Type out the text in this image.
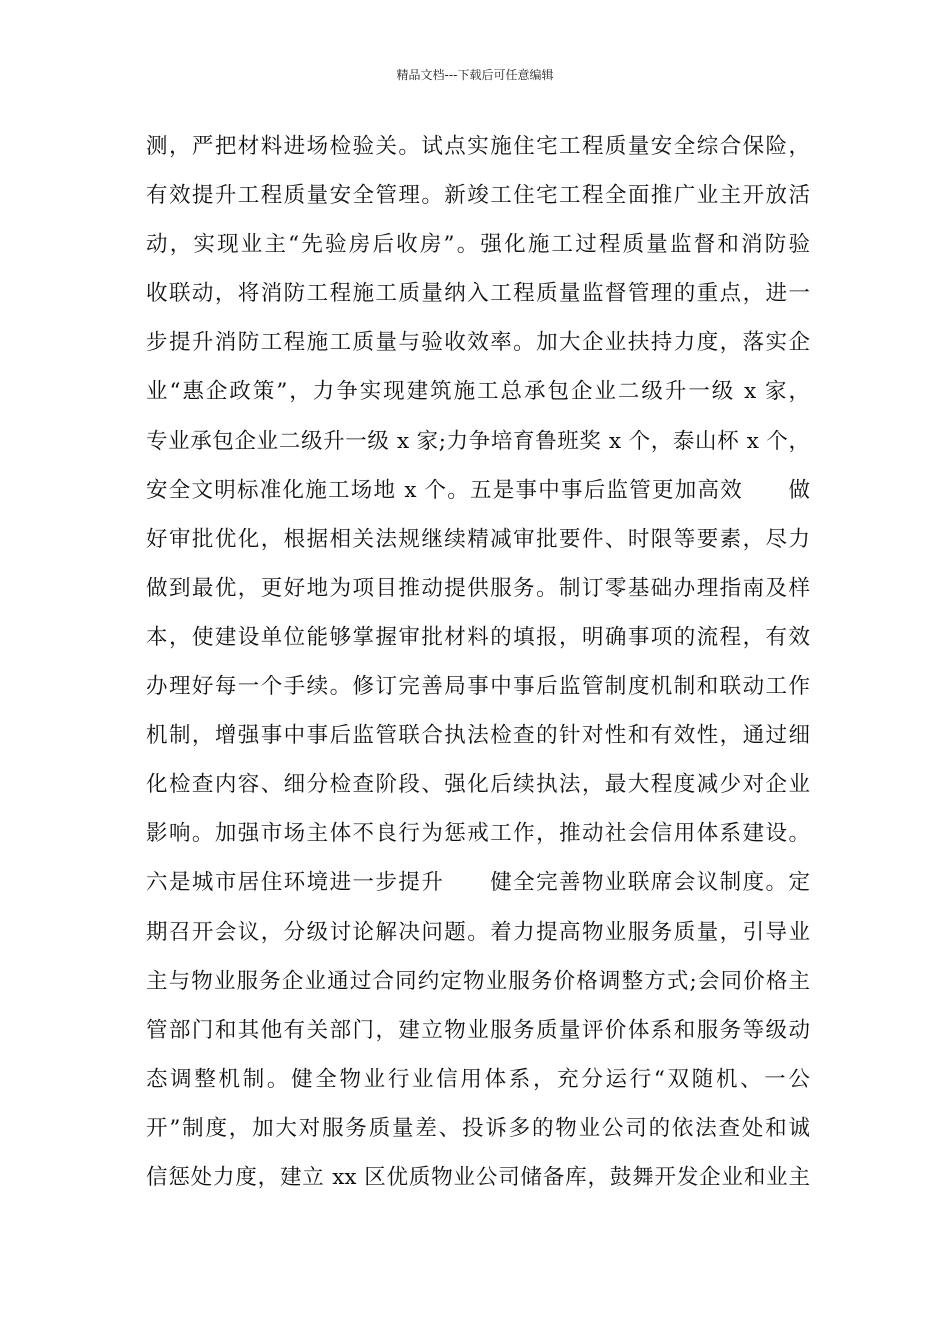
精品文档---下载后可任意编辑
测，严把材料进场检验关。试点实施住宅工程质量安全综合保险，
有效提升工程质量安全管理。新竣工住宅工程全面推广业主开放活
动，实现业主“先验房后收房”。强化施工过程质量监督和消防验
收联动，将消防工程施工质量纳入工程质量监督管理的重点，进一
步提升消防工程施工质量与验收效率。加大企业扶持力度，落实企
业“惠企政策”，力争实现建筑施工总承包企业二级升一级 x 家，
专业承包企业二级升一级 x 家;力争培育鲁班奖 x 个，泰山杯 x 个，
安全文明标准化施工场地 x 个。五是事中事后监管更加高效　　做
好审批优化，根据相关法规继续精减审批要件、时限等要素，尽力
做到最优，更好地为项目推动提供服务。制订零基础办理指南及样
本，使建设单位能够掌握审批材料的填报，明确事项的流程，有效
办理好每一个手续。修订完善局事中事后监管制度机制和联动工作
机制，增强事中事后监管联合执法检查的针对性和有效性，通过细
化检查内容、细分检查阶段、强化后续执法，最大程度减少对企业
影响。加强市场主体不良行为惩戒工作，推动社会信用体系建设。
六是城市居住环境进一步提升　　健全完善物业联席会议制度。定
期召开会议，分级讨论解决问题。着力提高物业服务质量，引导业
主与物业服务企业通过合同约定物业服务价格调整方式;会同价格主
管部门和其他有关部门，建立物业服务质量评价体系和服务等级动
态调整机制。健全物业行业信用体系，充分运行“双随机、一公
开”制度，加大对服务质量差、投诉多的物业公司的依法查处和诚
信惩处力度，建立 xx 区优质物业公司储备库，鼓舞开发企业和业主
